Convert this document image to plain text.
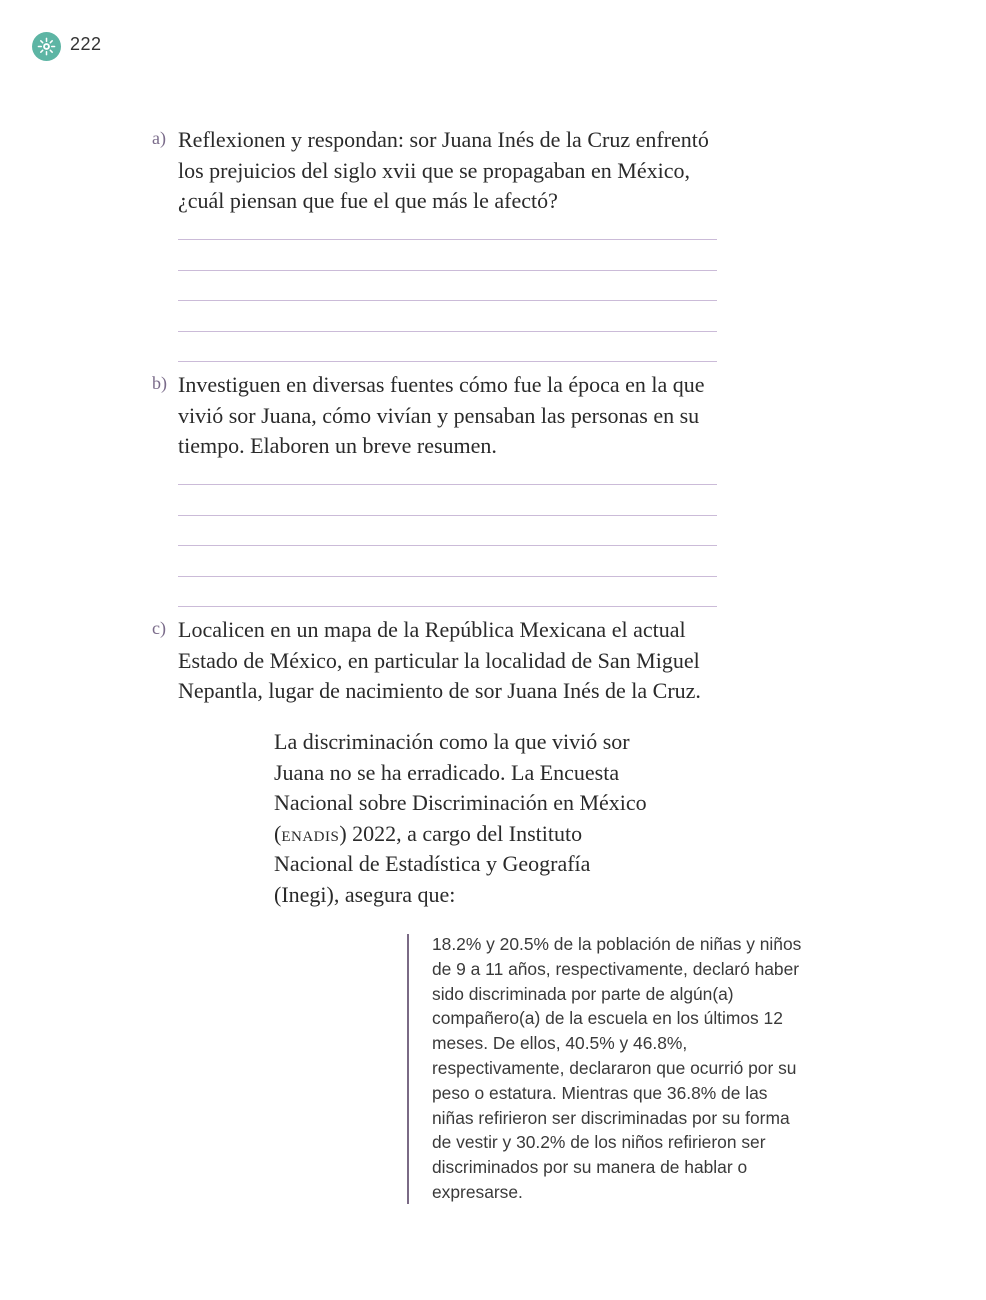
222
a) Reflexionen y respondan: sor Juana Inés de la Cruz enfrentó los prejuicios del siglo xvii que se propagaban en México, ¿cuál piensan que fue el que más le afectó?
b) Investiguen en diversas fuentes cómo fue la época en la que vivió sor Juana, cómo vivían y pensaban las personas en su tiempo. Elaboren un breve resumen.
c) Localicen en un mapa de la República Mexicana el actual Estado de México, en particular la localidad de San Miguel Nepantla, lugar de nacimiento de sor Juana Inés de la Cruz.
La discriminación como la que vivió sor Juana no se ha erradicado. La Encuesta Nacional sobre Discriminación en México (enadis) 2022, a cargo del Instituto Nacional de Estadística y Geografía (Inegi), asegura que:
18.2% y 20.5% de la población de niñas y niños de 9 a 11 años, respectivamente, declaró haber sido discriminada por parte de algún(a) compañero(a) de la escuela en los últimos 12 meses. De ellos, 40.5% y 46.8%, respectivamente, declararon que ocurrió por su peso o estatura. Mientras que 36.8% de las niñas refirieron ser discriminadas por su forma de vestir y 30.2% de los niños refirieron ser discriminados por su manera de hablar o expresarse.
